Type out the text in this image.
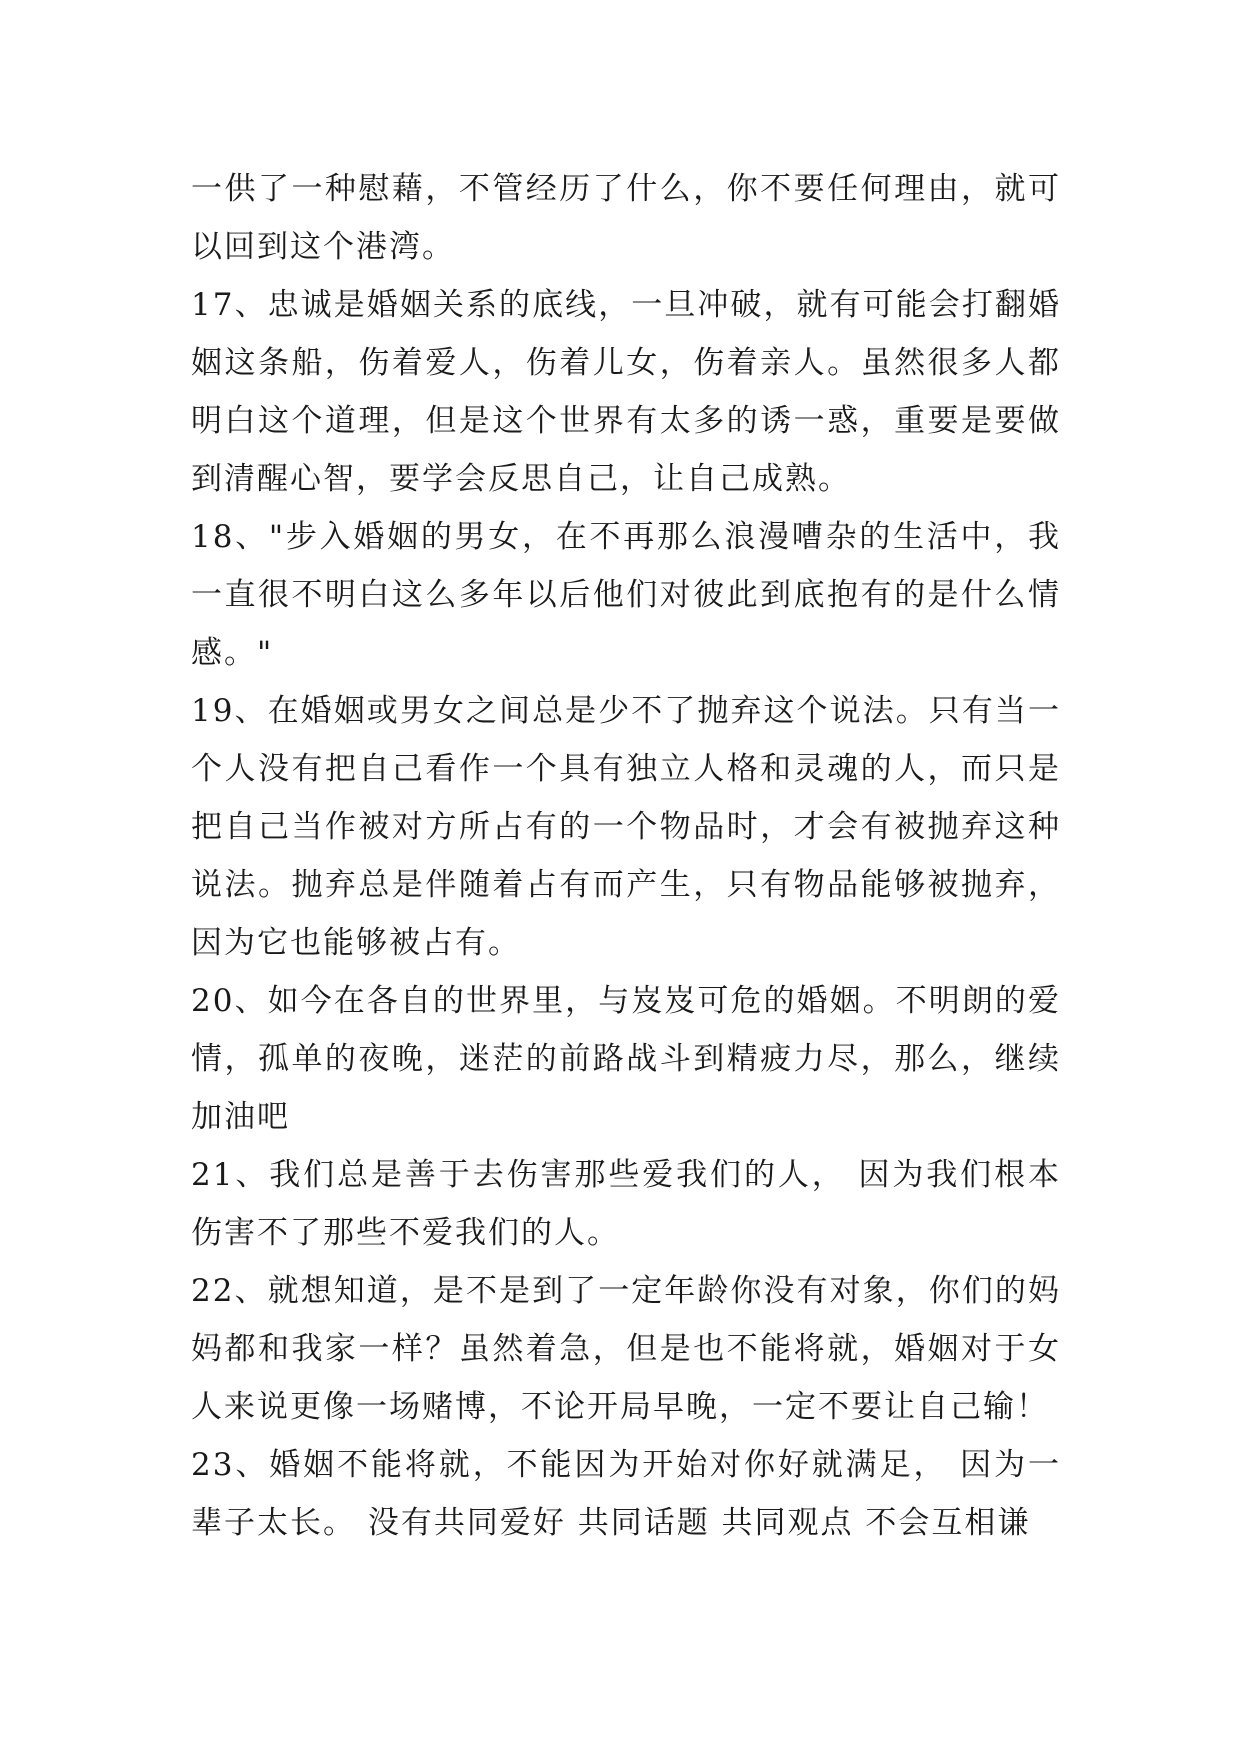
一供了一种慰藉，不管经历了什么，你不要任何理由，就可以回到这个港湾。

17、忠诚是婚姻关系的底线，一旦冲破，就有可能会打翻婚姻这条船，伤着爱人，伤着儿女，伤着亲人。虽然很多人都明白这个道理，但是这个世界有太多的诱一惑，重要是要做到清醒心智，要学会反思自己，让自己成熟。

18、"步入婚姻的男女，在不再那么浪漫嘈杂的生活中，我一直很不明白这么多年以后他们对彼此到底抱有的是什么情感。"

19、在婚姻或男女之间总是少不了抛弃这个说法。只有当一个人没有把自己看作一个具有独立人格和灵魂的人，而只是把自己当作被对方所占有的一个物品时，才会有被抛弃这种说法。抛弃总是伴随着占有而产生，只有物品能够被抛弃，因为它也能够被占有。

20、如今在各自的世界里，与岌岌可危的婚姻。不明朗的爱情，孤单的夜晚，迷茫的前路战斗到精疲力尽，那么，继续加油吧

21、我们总是善于去伤害那些爱我们的人， 因为我们根本伤害不了那些不爱我们的人。

22、就想知道，是不是到了一定年龄你没有对象，你们的妈妈都和我家一样？虽然着急，但是也不能将就，婚姻对于女人来说更像一场赌博，不论开局早晚，一定不要让自己输！

23、婚姻不能将就，不能因为开始对你好就满足， 因为一辈子太长。 没有共同爱好 共同话题 共同观点 不会互相谦
